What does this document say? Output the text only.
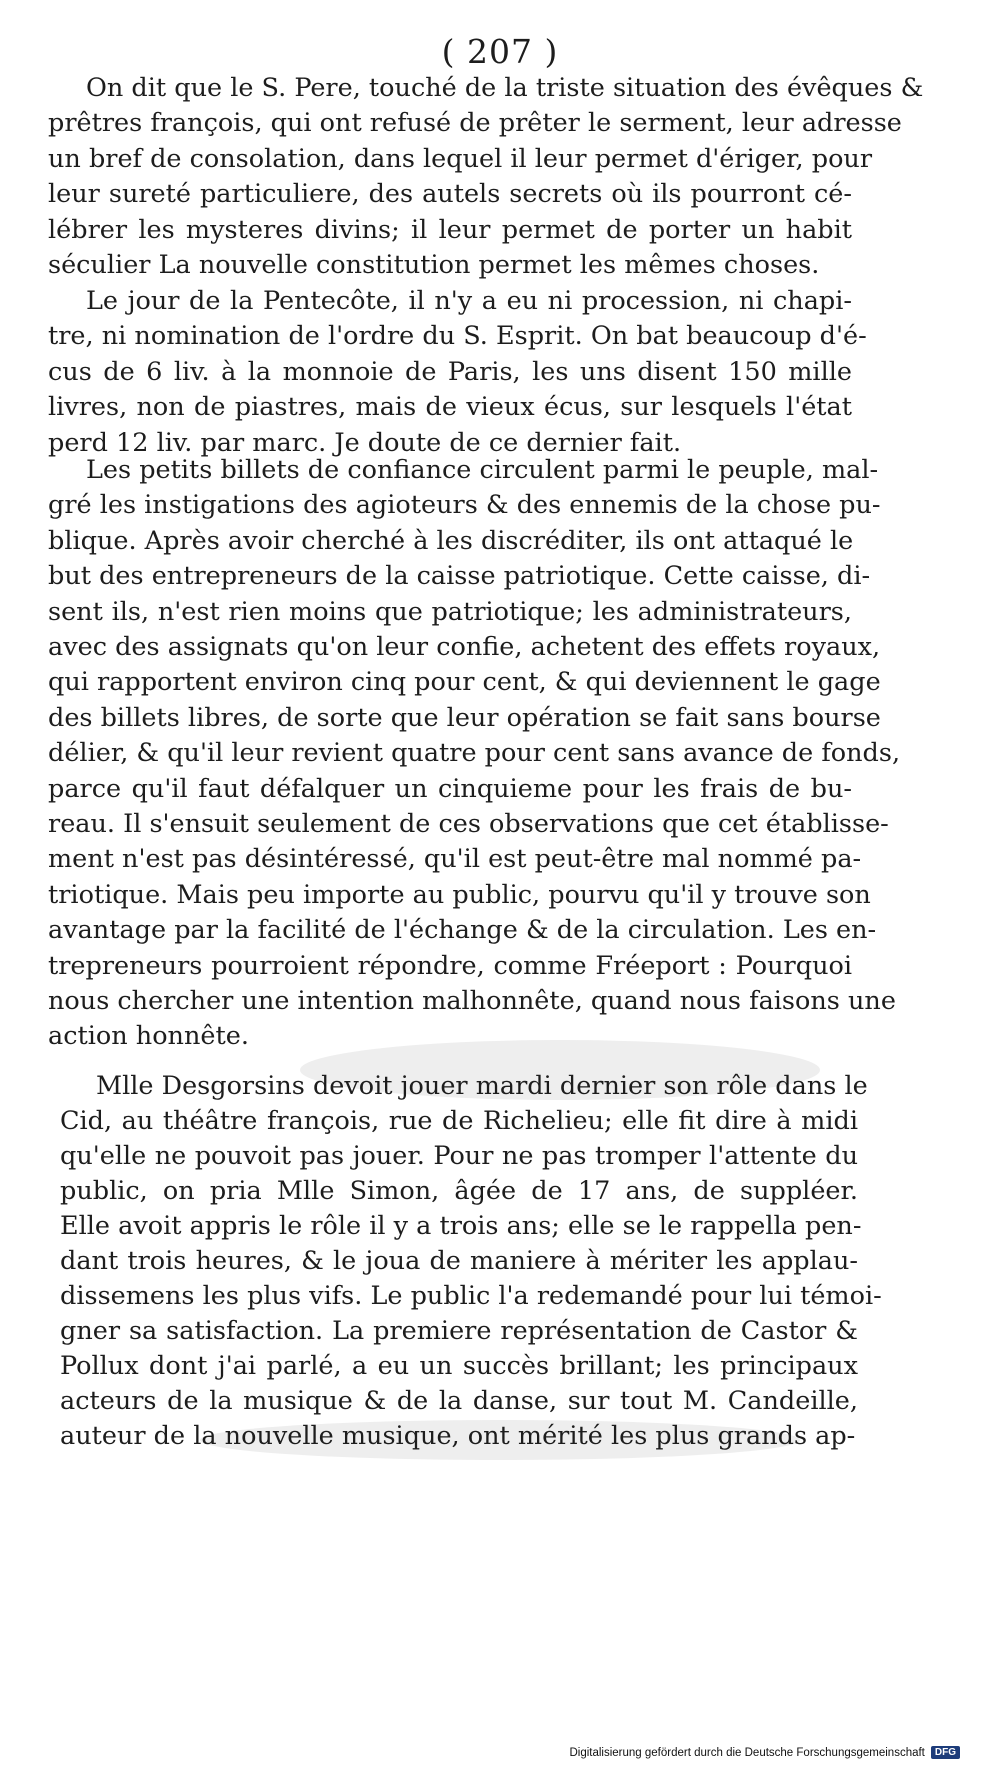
( 207 )
On dit que le S. Pere, touché de la triste situation des évêques &
prêtres françois, qui ont refusé de prêter le serment, leur adresse
un bref de consolation, dans lequel il leur permet d'ériger, pour
leur sureté particuliere, des autels secrets où ils pourront cé-
lébrer les mysteres divins; il leur permet de porter un habit
séculier La nouvelle constitution permet les mêmes choses.
Le jour de la Pentecôte, il n'y a eu ni procession, ni chapi-
tre, ni nomination de l'ordre du S. Esprit. On bat beaucoup d'é-
cus de 6 liv. à la monnoie de Paris, les uns disent 150 mille
livres, non de piastres, mais de vieux écus, sur lesquels l'état
perd 12 liv. par marc. Je doute de ce dernier fait.
Les petits billets de confiance circulent parmi le peuple, mal-
gré les instigations des agioteurs & des ennemis de la chose pu-
blique. Après avoir cherché à les discréditer, ils ont attaqué le
but des entrepreneurs de la caisse patriotique. Cette caisse, di-
sent ils, n'est rien moins que patriotique; les administrateurs,
avec des assignats qu'on leur confie, achetent des effets royaux,
qui rapportent environ cinq pour cent, & qui deviennent le gage
des billets libres, de sorte que leur opération se fait sans bourse
délier, & qu'il leur revient quatre pour cent sans avance de fonds,
parce qu'il faut défalquer un cinquieme pour les frais de bu-
reau. Il s'ensuit seulement de ces observations que cet établisse-
ment n'est pas désintéressé, qu'il est peut-être mal nommé pa-
triotique. Mais peu importe au public, pourvu qu'il y trouve son
avantage par la facilité de l'échange & de la circulation. Les en-
trepreneurs pourroient répondre, comme Fréeport : Pourquoi
nous chercher une intention malhonnête, quand nous faisons une
action honnête.
Mlle Desgorsins devoit jouer mardi dernier son rôle dans le
Cid, au théâtre françois, rue de Richelieu; elle fit dire à midi
qu'elle ne pouvoit pas jouer. Pour ne pas tromper l'attente du
public, on pria Mlle Simon, âgée de 17 ans, de suppléer.
Elle avoit appris le rôle il y a trois ans; elle se le rappella pen-
dant trois heures, & le joua de maniere à mériter les applau-
dissemens les plus vifs. Le public l'a redemandé pour lui témoi-
gner sa satisfaction. La premiere représentation de Castor &
Pollux dont j'ai parlé, a eu un succès brillant; les principaux
acteurs de la musique & de la danse, sur tout M. Candeille,
auteur de la nouvelle musique, ont mérité les plus grands ap-
Digitalisierung gefördert durch die Deutsche Forschungsgemeinschaft	DFG
